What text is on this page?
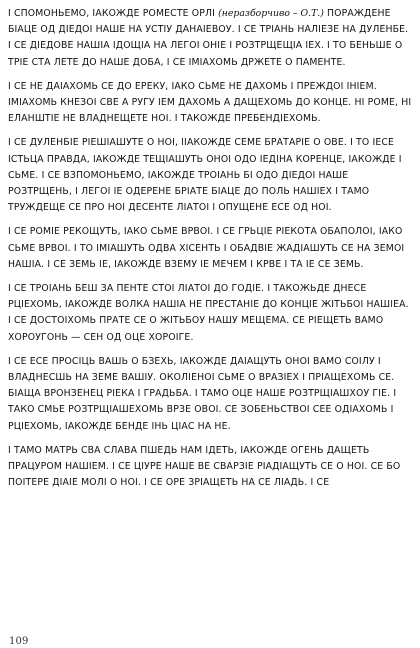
І СПОМОНЬЕМО, ІАКОЖДЕ РОМЕСТЕ ОРЛІ (неразборчиво – О.Т.) ПОРАЖДЕНЕ БІАЦЕ ОД ДІЕДОІ НАШЕ НА УСТІУ ДАНАІЕВОУ. І СЕ ТРІАНЬ НАЛІЕЗЕ НА ДУЛЕНБЕ. І СЕ ДІЕДОВЕ НАШІА ІДОЩІА НА ЛЕГОІ ОНІЕ І РОЗТРЩЕЩІА ІЕХ. І ТО БЕНЬШЕ О ТРІЕ СТА ЛЕТЕ ДО НАШЕ ДОБА, І СЕ ІМІАХОМЬ ДРЖЕТЕ О ПАМЕНТЕ.

І СЕ НЕ ДАІАХОМЬ СЕ ДО ЕРЕКУ, ІАКО СЬМЕ НЕ ДАХОМЬ І ПРЕЖДОІ ІНІЕМ. ІМІАХОМЬ КНЕЗОІ СВЕ А РУГУ ІЕМ ДАХОМЬ А ДАЩЕХОМЬ ДО КОНЦЕ. НІ РОМЕ, НІ ЕЛАНШТІЕ НЕ ВЛАДНЕЩЕТЕ НОІ. І ТАКОЖДЕ ПРЕБЕНДІЕХОМЬ.

І СЕ ДУЛЕНБІЕ РІЕШІАШУТЕ О НОІ, ІІАКОЖДЕ СЕМЕ БРАТАРІЕ О ОВЕ. І ТО ІЕСЕ ІСТЬЦА ПРАВДА, ІАКОЖДЕ ТЕЩІАШУТЬ ОНОІ ОДО ІЕДІНА КОРЕНЦЕ, ІАКОЖДЕ І СЬМЕ. І СЕ ВЗПОМОНЬЕМО, ІАКОЖДЕ ТРОІАНЬ БІ ОДО ДІЕДОІ НАШЕ РОЗТРЩЕНЬ, І ЛЕГОІ ІЕ ОДЕРЕНЕ БРІАТЕ БІАЦЕ ДО ПОЛЬ НАШІЕХ І ТАМО ТРУЖДЕЩЕ СЕ ПРО НОІ ДЕСЕНТЕ ЛІАТОІ І ОПУЩЕНЕ ЕСЕ ОД НОІ.

І СЕ РОМІЕ РЕКОЩУТЬ, ІАКО СЬМЕ ВРВОІ. І СЕ ГРЬЦІЕ РІЕКОТА ОБАПОЛОІ, ІАКО СЬМЕ ВРВОІ. І ТО ІМІАШУТЬ ОДВА ХІСЕНТЬ І ОБАДВІЕ ЖАДІАШУТЬ СЕ НА ЗЕМОІ НАШІА. І СЕ ЗЕМЬ ІЕ, ІАКОЖДЕ ВЗЕМУ ІЕ МЕЧЕМ І КРВЕ І ТА ІЕ СЕ ЗЕМЬ.

І СЕ ТРОІАНЬ БЕШ ЗА ПЕНТЕ СТОІ ЛІАТОІ ДО ГОДІЕ. І ТАКОЖЬДЕ ДНЕСЕ РЦІЕХОМЬ, ІАКОЖДЕ ВОЛКА НАШІА НЕ ПРЕСТАНІЕ ДО КОНЦІЕ ЖІТЬБОІ НАШІЕА. І СЕ ДОСТОІХОМЬ ПРАТЕ СЕ О ЖІТЬБОУ НАШУ МЕЩЕМА. СЕ РІЕЩЕТЬ ВАМО ХОРОУГОНЬ — СЕН ОД ОЦЕ ХОРОІГЕ.

І СЕ ЕСЕ ПРОСІЦЬ ВАШЬ О БЗЕХЬ, ІАКОЖДЕ ДАІАЩУТЬ ОНОІ ВАМО СОІЛУ І ВЛАДНЕСШЬ НА ЗЕМЕ ВАШІУ. ОКОЛІЕНОІ СЬМЕ О ВРАЗІЕХ І ПРІАЩЕХОМЬ СЕ. БІАЩА ВРОНЗЕНЕЦ РІЕКА І ГРАДЬБА. І ТАМО ОЦЕ НАШЕ РОЗТРЩІАШХОУ ГІЕ. І ТАКО СМЬЕ РОЗТРЩІАШЕХОМЬ ВРЗЕ ОВОІ. СЕ ЗОБЕНЬСТВОІ СЕЕ ОДІАХОМЬ І РЦІЕХОМЬ, ІАКОЖДЕ БЕНДЕ ІНЬ ЦІАС НА НЕ.

І ТАМО МАТРЬ СВА СЛАВА ПШЕДЬ НАМ ІДЕТЬ, ІАКОЖДЕ ОГЕНЬ ДАЩЕТЬ ПРАЦУРОМ НАШІЕМ. І СЕ ЦІУРЕ НАШЕ ВЕ СВАРЗІЕ РІАДІАЩУТЬ СЕ О НОІ. СЕ БО ПОІТЕРЕ ДІАІЕ МОЛІ О НОІ. І СЕ ОРЕ ЗРІАЩЕТЬ НА СЕ ЛІАДЬ. І СЕ

109
